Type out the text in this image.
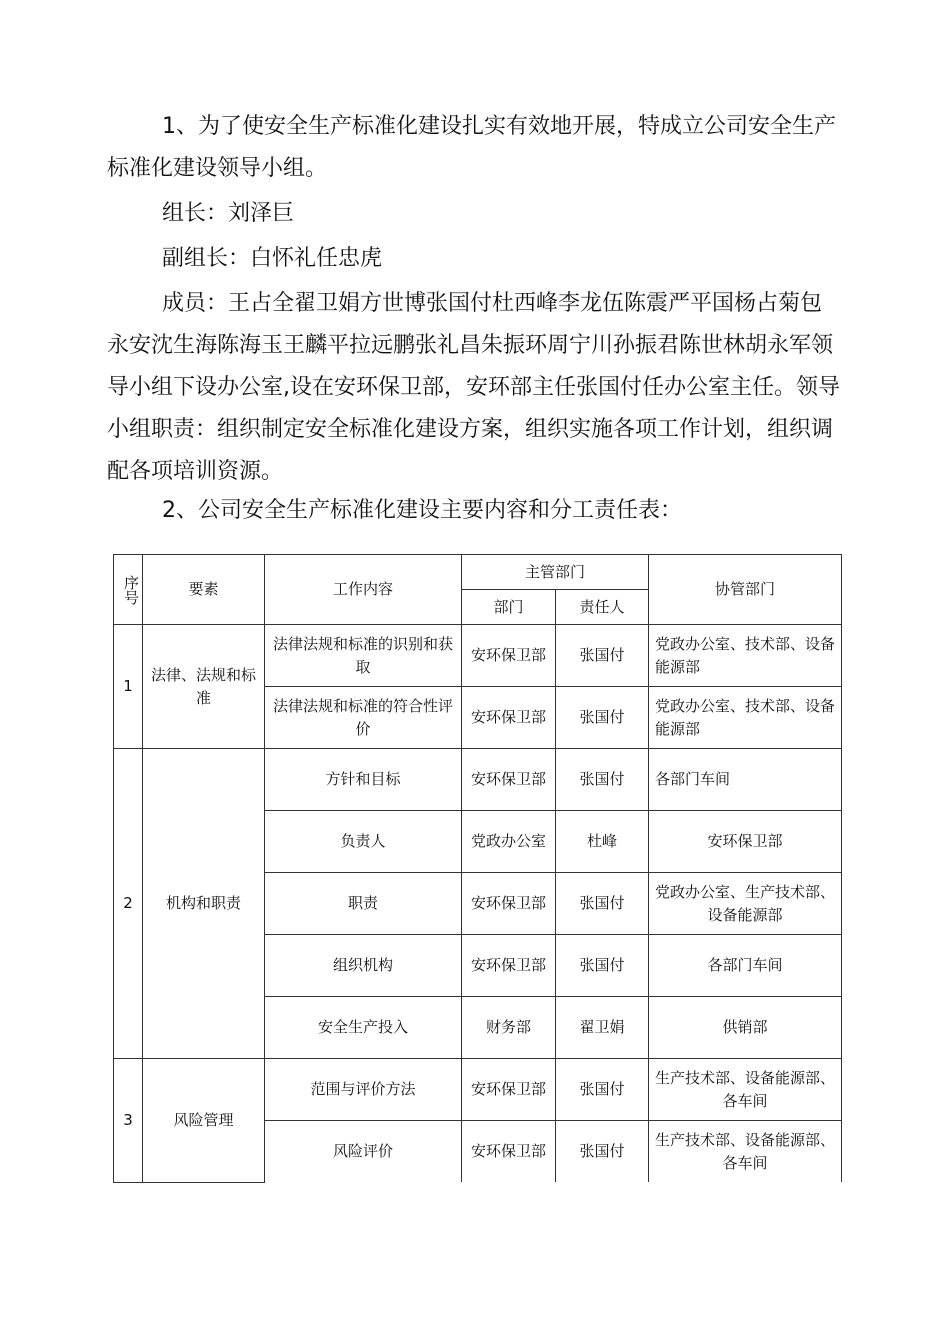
1、为了使安全生产标准化建设扎实有效地开展，特成立公司安全生产标准化建设领导小组。

组长：刘泽巨

副组长：白怀礼任忠虎

成员：王占全翟卫娟方世博张国付杜西峰李龙伍陈震严平国杨占菊包永安沈生海陈海玉王麟平拉远鹏张礼昌朱振环周宁川孙振君陈世林胡永军领导小组下设办公室,设在安环保卫部，安环部主任张国付任办公室主任。领导小组职责：组织制定安全标准化建设方案，组织实施各项工作计划，组织调配各项培训资源。

2、公司安全生产标准化建设主要内容和分工责任表：

序号	要素	工作内容	主管部门		协管部门
			部门	责任人	
1	法律、法规和标准	法律法规和标准的识别和获取	安环保卫部	张国付	党政办公室、技术部、设备能源部
		法律法规和标准的符合性评价	安环保卫部	张国付	党政办公室、技术部、设备能源部
2	机构和职责	方针和目标	安环保卫部	张国付	各部门车间
		负责人	党政办公室	杜峰	安环保卫部
		职责	安环保卫部	张国付	党政办公室、生产技术部、设备能源部
		组织机构	安环保卫部	张国付	各部门车间
		安全生产投入	财务部	翟卫娟	供销部
3	风险管理	范围与评价方法	安环保卫部	张国付	生产技术部、设备能源部、各车间
		风险评价	安环保卫部	张国付	生产技术部、设备能源部、各车间
